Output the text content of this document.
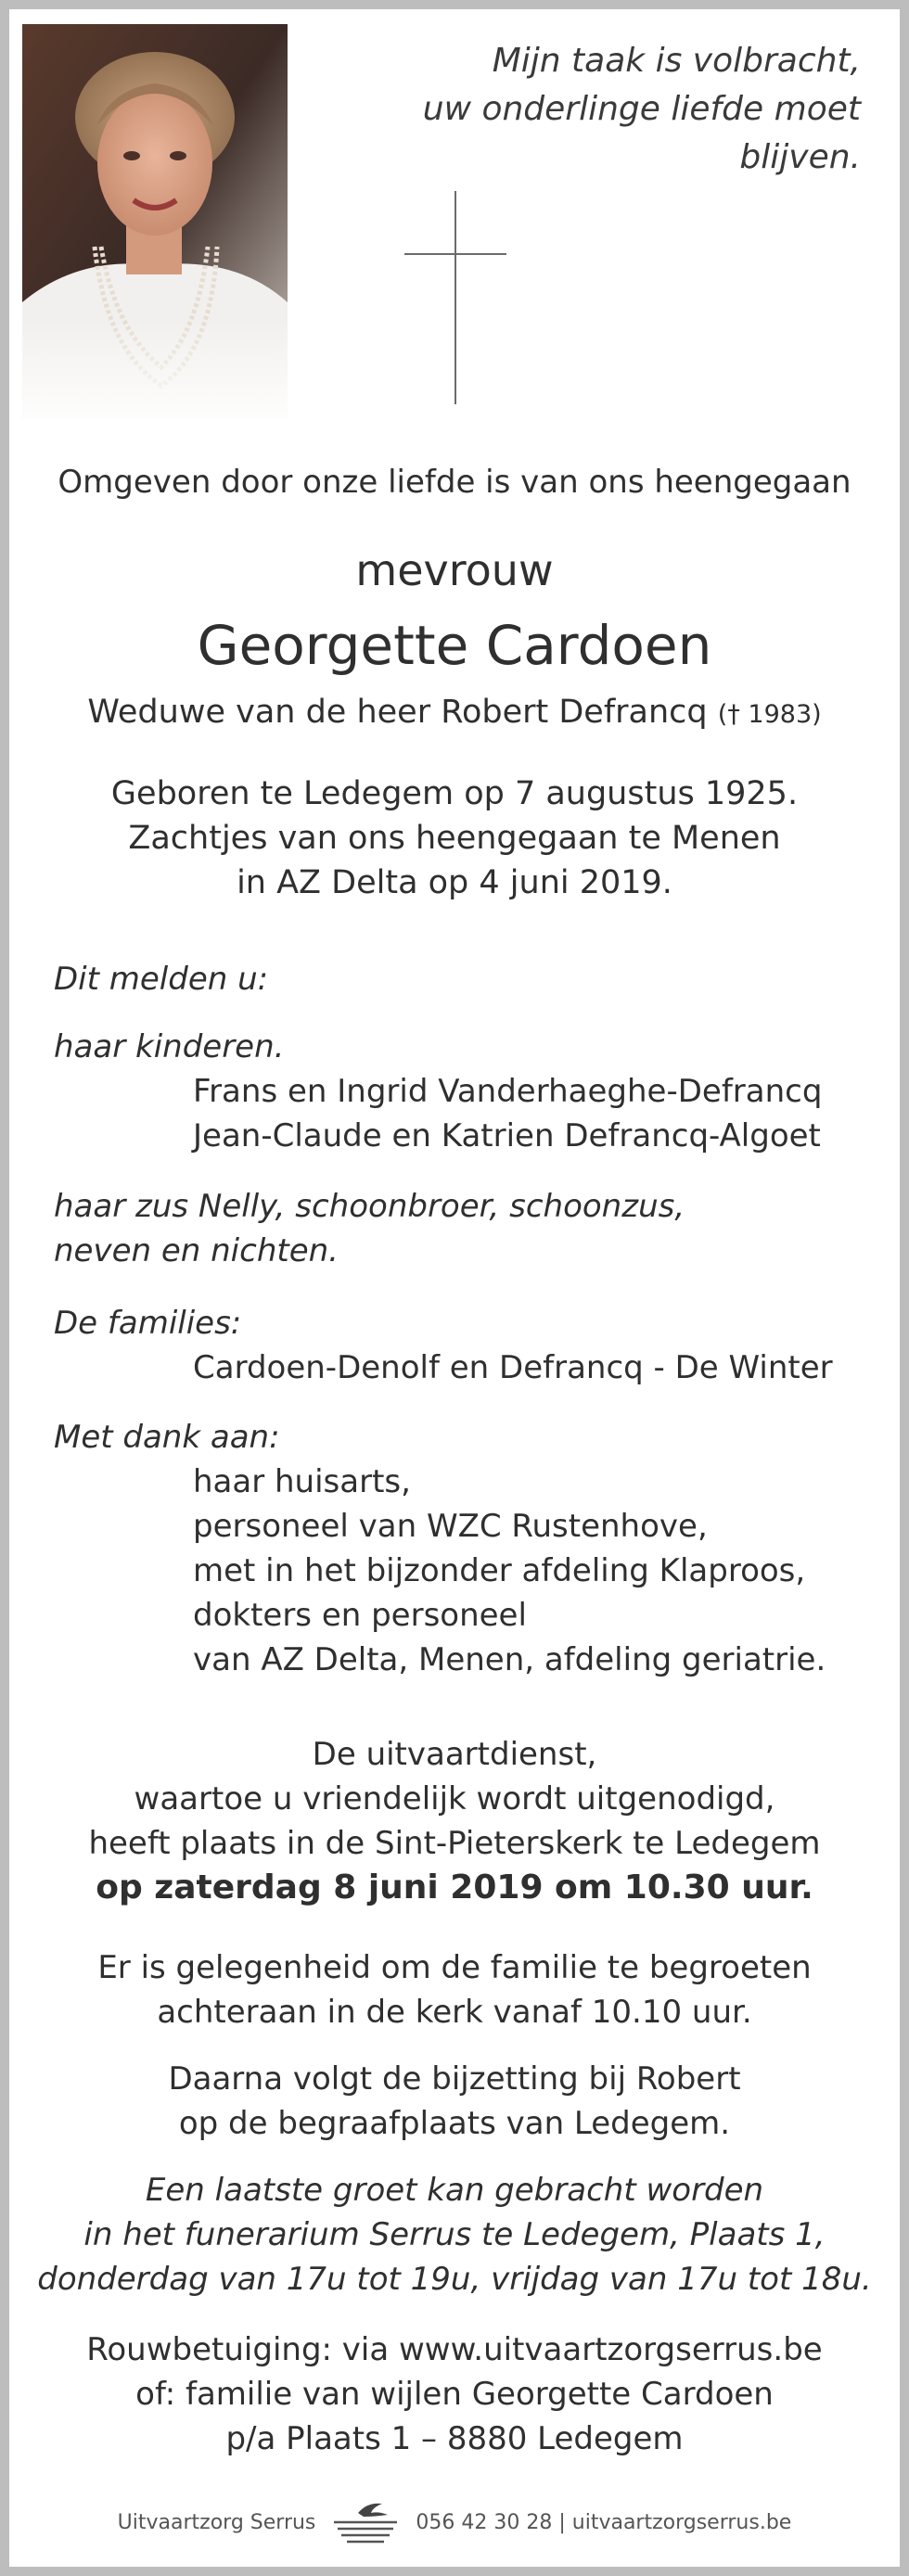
Mijn taak is volbracht,
uw onderlinge liefde moet blijven.
Omgeven door onze liefde is van ons heengegaan
mevrouw
Georgette Cardoen
Weduwe van de heer Robert Defrancq († 1983)
Geboren te Ledegem op 7 augustus 1925.
Zachtjes van ons heengegaan te Menen
in AZ Delta op 4 juni 2019.
Dit melden u:
haar kinderen.
Frans en Ingrid Vanderhaeghe-Defrancq
Jean-Claude en Katrien Defrancq-Algoet
haar zus Nelly, schoonbroer, schoonzus,
neven en nichten.
De families:
Cardoen-Denolf en Defrancq - De Winter
Met dank aan:
haar huisarts,
personeel van WZC Rustenhove,
met in het bijzonder afdeling Klaproos,
dokters en personeel
van AZ Delta, Menen, afdeling geriatrie.
De uitvaartdienst,
waartoe u vriendelijk wordt uitgenodigd,
heeft plaats in de Sint-Pieterskerk te Ledegem
op zaterdag 8 juni 2019 om 10.30 uur.
Er is gelegenheid om de familie te begroeten
achteraan in de kerk vanaf 10.10 uur.
Daarna volgt de bijzetting bij Robert
op de begraafplaats van Ledegem.
Een laatste groet kan gebracht worden
in het funerarium Serrus te Ledegem, Plaats 1,
donderdag van 17u tot 19u, vrijdag van 17u tot 18u.
Rouwbetuiging: via www.uitvaartzorgserrus.be
of: familie van wijlen Georgette Cardoen
p/a Plaats 1 – 8880 Ledegem
Uitvaartzorg Serrus	056 42 30 28 | uitvaartzorgserrus.be
